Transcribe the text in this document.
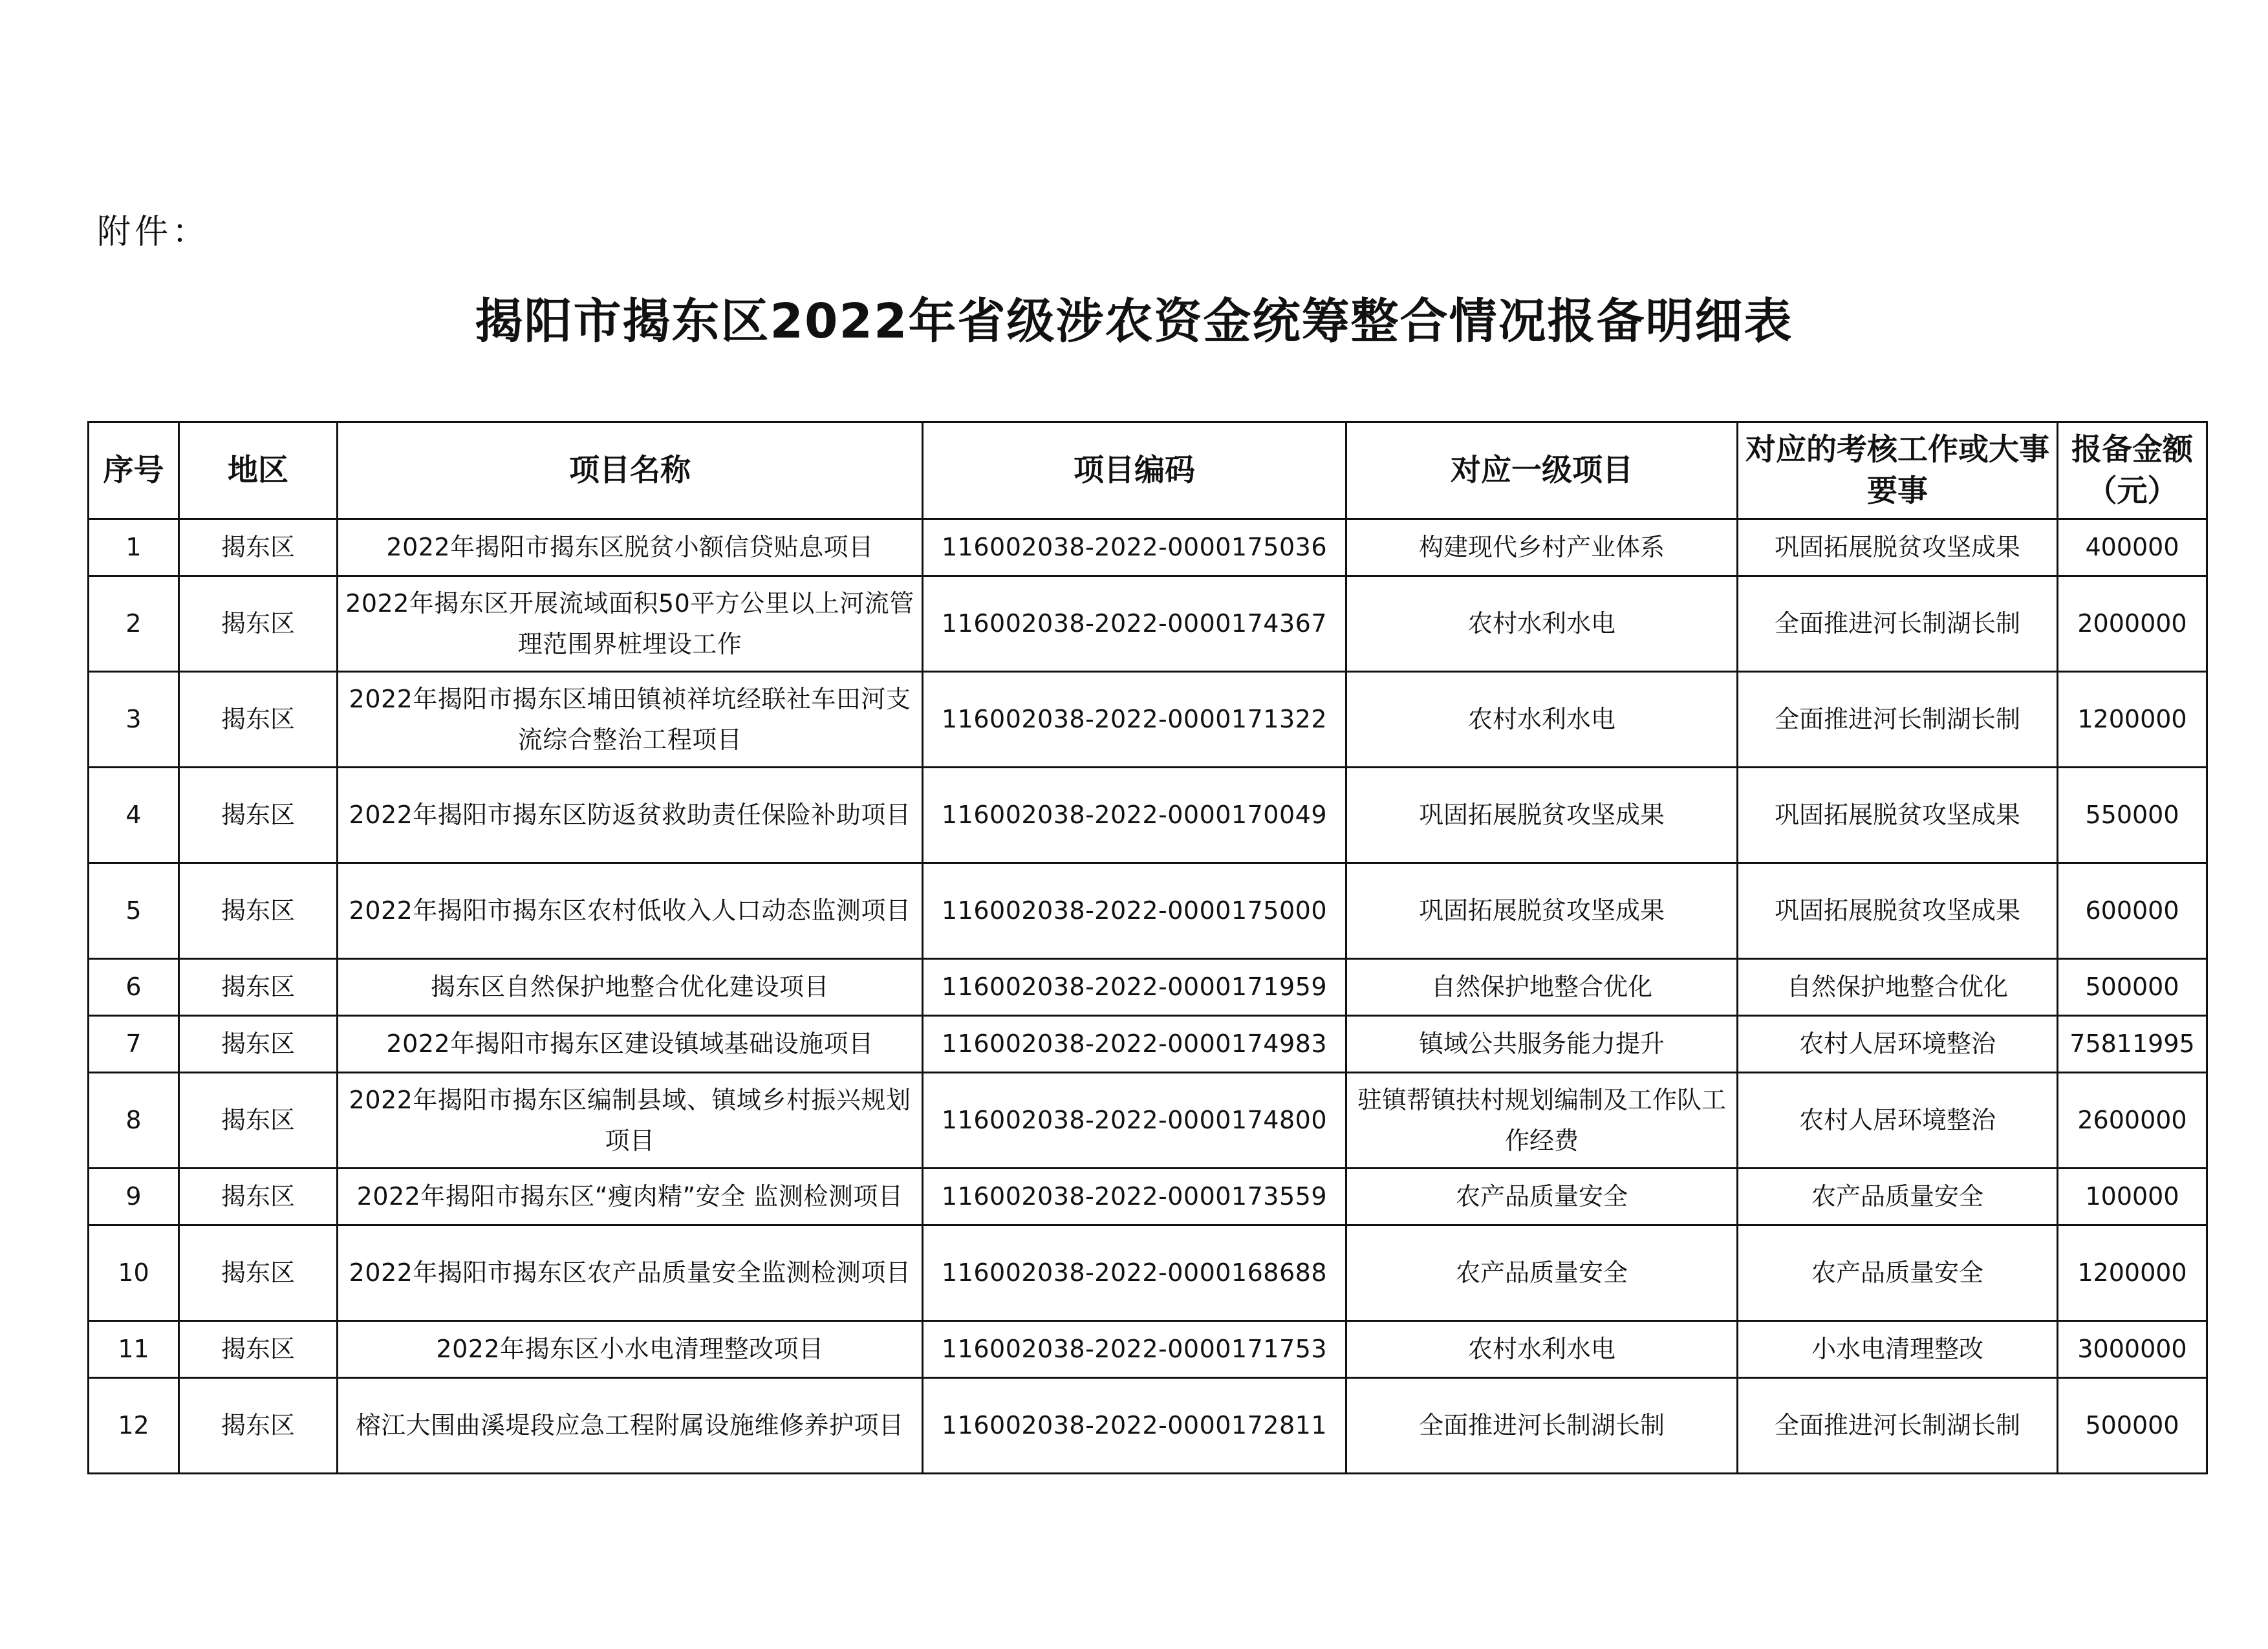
附件：
揭阳市揭东区2022年省级涉农资金统筹整合情况报备明细表
序号	地区	项目名称	项目编码	对应一级项目	对应的考核工作或大事要事	报备金额（元）
1	揭东区	2022年揭阳市揭东区脱贫小额信贷贴息项目	116002038-2022-0000175036	构建现代乡村产业体系	巩固拓展脱贫攻坚成果	400000
2	揭东区	2022年揭东区开展流域面积50平方公里以上河流管理范围界桩埋设工作	116002038-2022-0000174367	农村水利水电	全面推进河长制湖长制	2000000
3	揭东区	2022年揭阳市揭东区埔田镇祯祥坑经联社车田河支流综合整治工程项目	116002038-2022-0000171322	农村水利水电	全面推进河长制湖长制	1200000
4	揭东区	2022年揭阳市揭东区防返贫救助责任保险补助项目	116002038-2022-0000170049	巩固拓展脱贫攻坚成果	巩固拓展脱贫攻坚成果	550000
5	揭东区	2022年揭阳市揭东区农村低收入人口动态监测项目	116002038-2022-0000175000	巩固拓展脱贫攻坚成果	巩固拓展脱贫攻坚成果	600000
6	揭东区	揭东区自然保护地整合优化建设项目	116002038-2022-0000171959	自然保护地整合优化	自然保护地整合优化	500000
7	揭东区	2022年揭阳市揭东区建设镇域基础设施项目	116002038-2022-0000174983	镇域公共服务能力提升	农村人居环境整治	75811995
8	揭东区	2022年揭阳市揭东区编制县域、镇域乡村振兴规划项目	116002038-2022-0000174800	驻镇帮镇扶村规划编制及工作队工作经费	农村人居环境整治	2600000
9	揭东区	2022年揭阳市揭东区“瘦肉精”安全 监测检测项目	116002038-2022-0000173559	农产品质量安全	农产品质量安全	100000
10	揭东区	2022年揭阳市揭东区农产品质量安全监测检测项目	116002038-2022-0000168688	农产品质量安全	农产品质量安全	1200000
11	揭东区	2022年揭东区小水电清理整改项目	116002038-2022-0000171753	农村水利水电	小水电清理整改	3000000
12	揭东区	榕江大围曲溪堤段应急工程附属设施维修养护项目	116002038-2022-0000172811	全面推进河长制湖长制	全面推进河长制湖长制	500000
